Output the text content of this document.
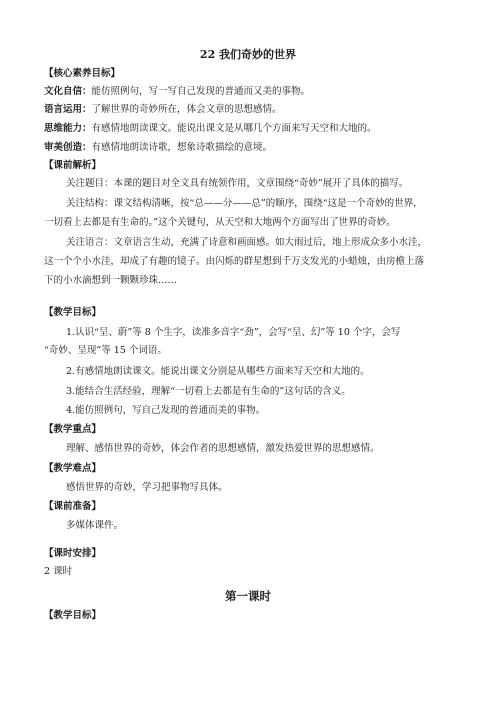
22 我们奇妙的世界
【核心素养目标】
文化自信：能仿照例句，写一写自己发现的普通而又美的事物。
语言运用：了解世界的奇妙所在，体会文章的思想感情。
思维能力：有感情地朗读课文。能说出课文是从哪几个方面来写天空和大地的。
审美创造：有感情地朗读诗歌，想象诗歌描绘的意境。
【课前解析】
关注题目：本课的题目对全文具有统领作用，文章围绕“奇妙”展开了具体的描写。
关注结构：课文结构清晰，按“总——分——总”的顺序，围绕“这是一个奇妙的世界，
一切看上去都是有生命的。”这个关键句，从天空和大地两个方面写出了世界的奇妙。
关注语言：文章语言生动，充满了诗意和画面感。如大雨过后，地上形成众多小水洼，
这一个个小水洼，却成了有趣的镜子。由闪烁的群星想到千万支发光的小蜡烛，由房檐上落
下的小水滴想到一颗颗珍珠……
【教学目标】
1.认识“呈、蔚”等 8 个生字，读准多音字“劲”，会写“呈、幻”等 10 个字，会写
“奇妙、呈现”等 15 个词语。
2.有感情地朗读课文。能说出课文分别是从哪些方面来写天空和大地的。
3.能结合生活经验，理解“一切看上去都是有生命的”这句话的含义。
4.能仿照例句，写自己发现的普通而美的事物。
【教学重点】
理解、感悟世界的奇妙，体会作者的思想感情，激发热爱世界的思想感情。
【教学难点】
感悟世界的奇妙，学习把事物写具体。
【课前准备】
多媒体课件。
【课时安排】
2 课时
第一课时
【教学目标】
